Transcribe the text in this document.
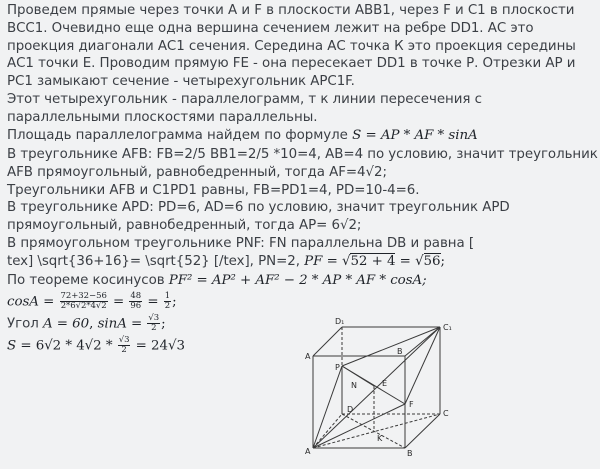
Проведем прямые через точки А и F в плоскости АВВ1, через F и С1 в плоскости
ВСС1. Очевидно еще одна вершина сечением лежит на ребре DD1. АС это
проекция диагонали АС1 сечения. Середина АС точка К это проекция середины
АС1 точки Е. Проводим прямую FE - она пересекает DD1 в точке Р. Отрезки АР и
РС1 замыкают сечение - четырехугольник АРС1F.
Этот четырехугольник - параллелограмм, т к линии пересечения с
параллельными плоскостями параллельны.
Площадь параллелограмма найдем по формуле S = AP * AF * sinA
В треугольнике AFB: FB=2/5 BB1=2/5 *10=4, AB=4 по условию, значит треугольник
AFB прямоугольный, равнобедренный, тогда AF=4√2;
Треугольники AFB и C1PD1 равны, FB=PD1=4, PD=10-4=6.
В треугольнике APD: PD=6, AD=6 по условию, значит треугольник APD
прямоугольный, равнобедренный, тогда AP= 6√2;
В прямоугольном треугольнике PNF: FN параллельна DB и равна [
tex] \sqrt{36+16}= \sqrt{52} [/tex], PN=2, PF = √52 + 4 = √56;
По теореме косинусов PF² = AP² + AF² − 2 * AP * AF * cosA;
$\cos A = \frac{72+32-56}{2*6√2*4√2} = \frac{48}{96} = \frac{1}{2}$ ;
Угол A = 60, $\sin A = \frac{√3}{2}$ ;
$S = 6√2 * 4√2 * \frac{√3}{2} = 24√3$
D₁
C₁
A
B
P
E
N
D
F
C
A	B
K
